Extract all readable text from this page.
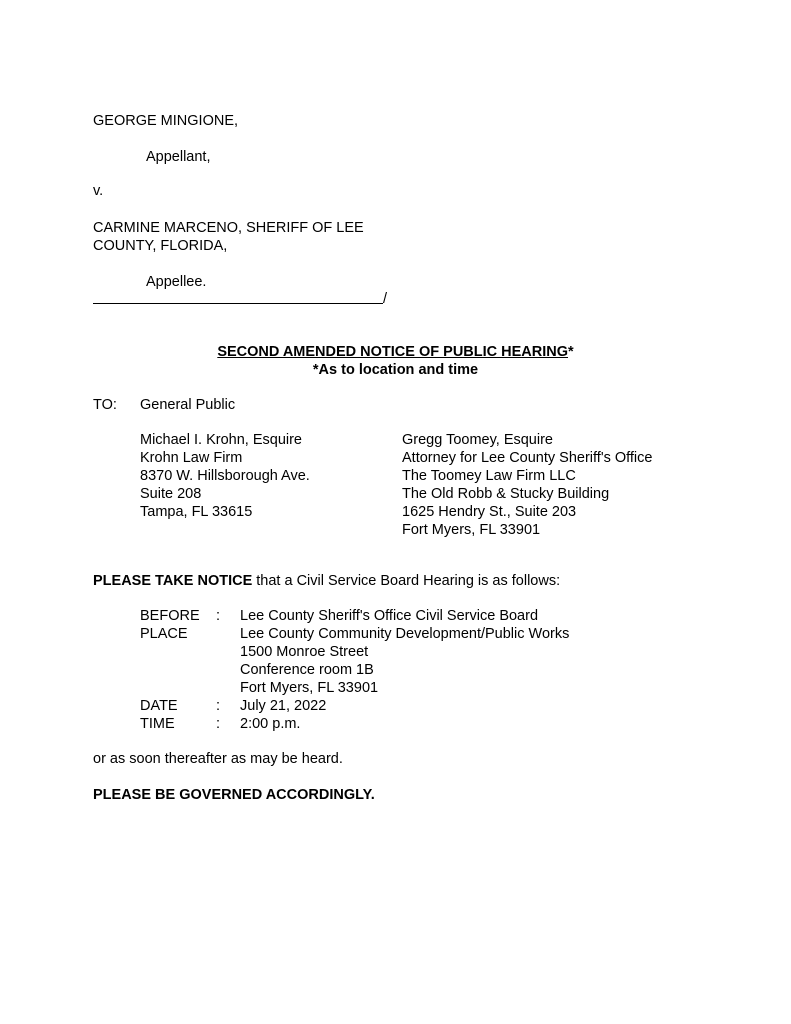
GEORGE MINGIONE,
Appellant,
v.
CARMINE MARCENO, SHERIFF OF LEE
COUNTY, FLORIDA,
Appellee.
/
SECOND AMENDED NOTICE OF PUBLIC HEARING*
*As to location and time
TO: General Public
Michael I. Krohn, Esquire
Krohn Law Firm
8370 W. Hillsborough Ave.
Suite 208
Tampa, FL 33615
Gregg Toomey, Esquire
Attorney for Lee County Sheriff's Office
The Toomey Law Firm LLC
The Old Robb & Stucky Building
1625 Hendry St., Suite 203
Fort Myers, FL 33901
PLEASE TAKE NOTICE that a Civil Service Board Hearing is as follows:
BEFORE : Lee County Sheriff's Office Civil Service Board
PLACE	Lee County Community Development/Public Works
1500 Monroe Street
Conference room 1B
Fort Myers, FL 33901
DATE	: July 21, 2022
TIME	: 2:00 p.m.
or as soon thereafter as may be heard.
PLEASE BE GOVERNED ACCORDINGLY.
